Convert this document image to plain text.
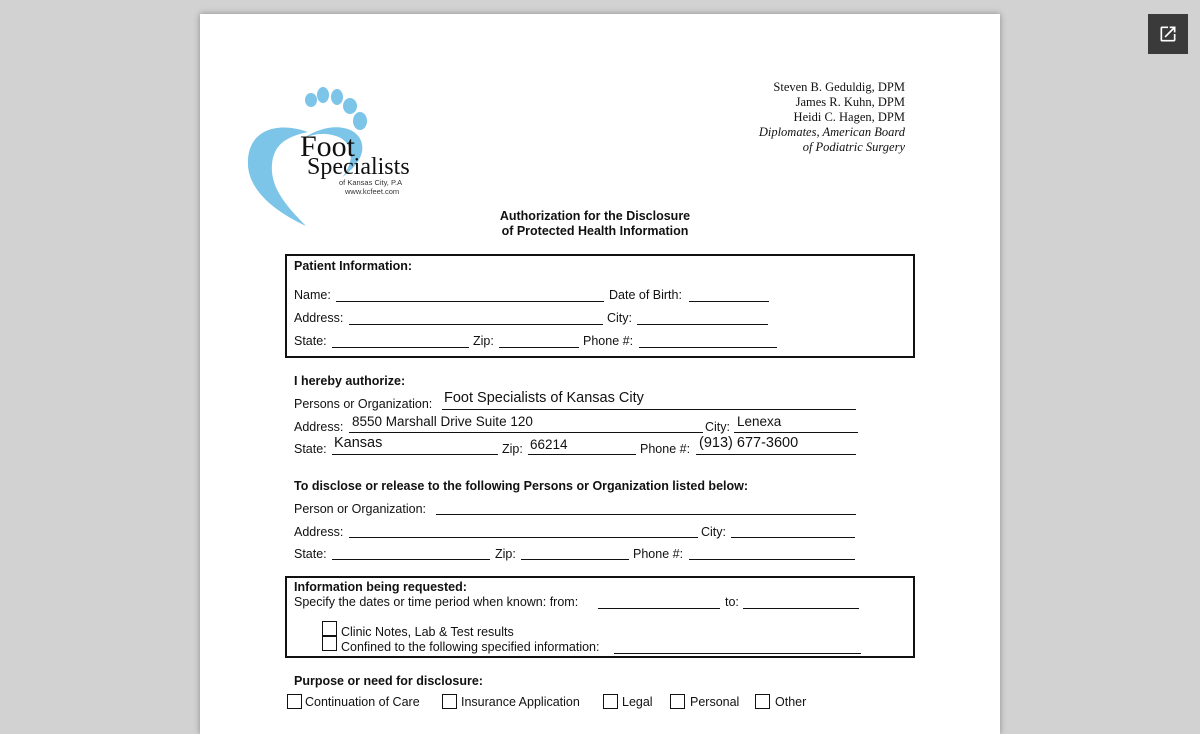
Foot
Specialists
of Kansas City, P.A
www.kcfeet.com
Steven B. Geduldig, DPM
James R. Kuhn, DPM
Heidi C. Hagen, DPM
Diplomates, American Board
of Podiatric Surgery
Authorization for the Disclosure
of Protected Health Information
Patient Information:
Name:	Date of Birth:
Address:	City:
State:	Zip:	Phone #:
I hereby authorize:
Persons or Organization: Foot Specialists of Kansas City
Address: 8550 Marshall Drive Suite 120	City: Lenexa
State: Kansas	Zip: 66214	Phone #: (913) 677-3600
To disclose or release to the following Persons or Organization listed below:
Person or Organization:
Address:	City:
State:	Zip:	Phone #:
Information being requested:
Specify the dates or time period when known: from:	to:
Clinic Notes, Lab & Test results
Confined to the following specified information:
Purpose or need for disclosure:
Continuation of Care	Insurance Application	Legal	Personal	Other
